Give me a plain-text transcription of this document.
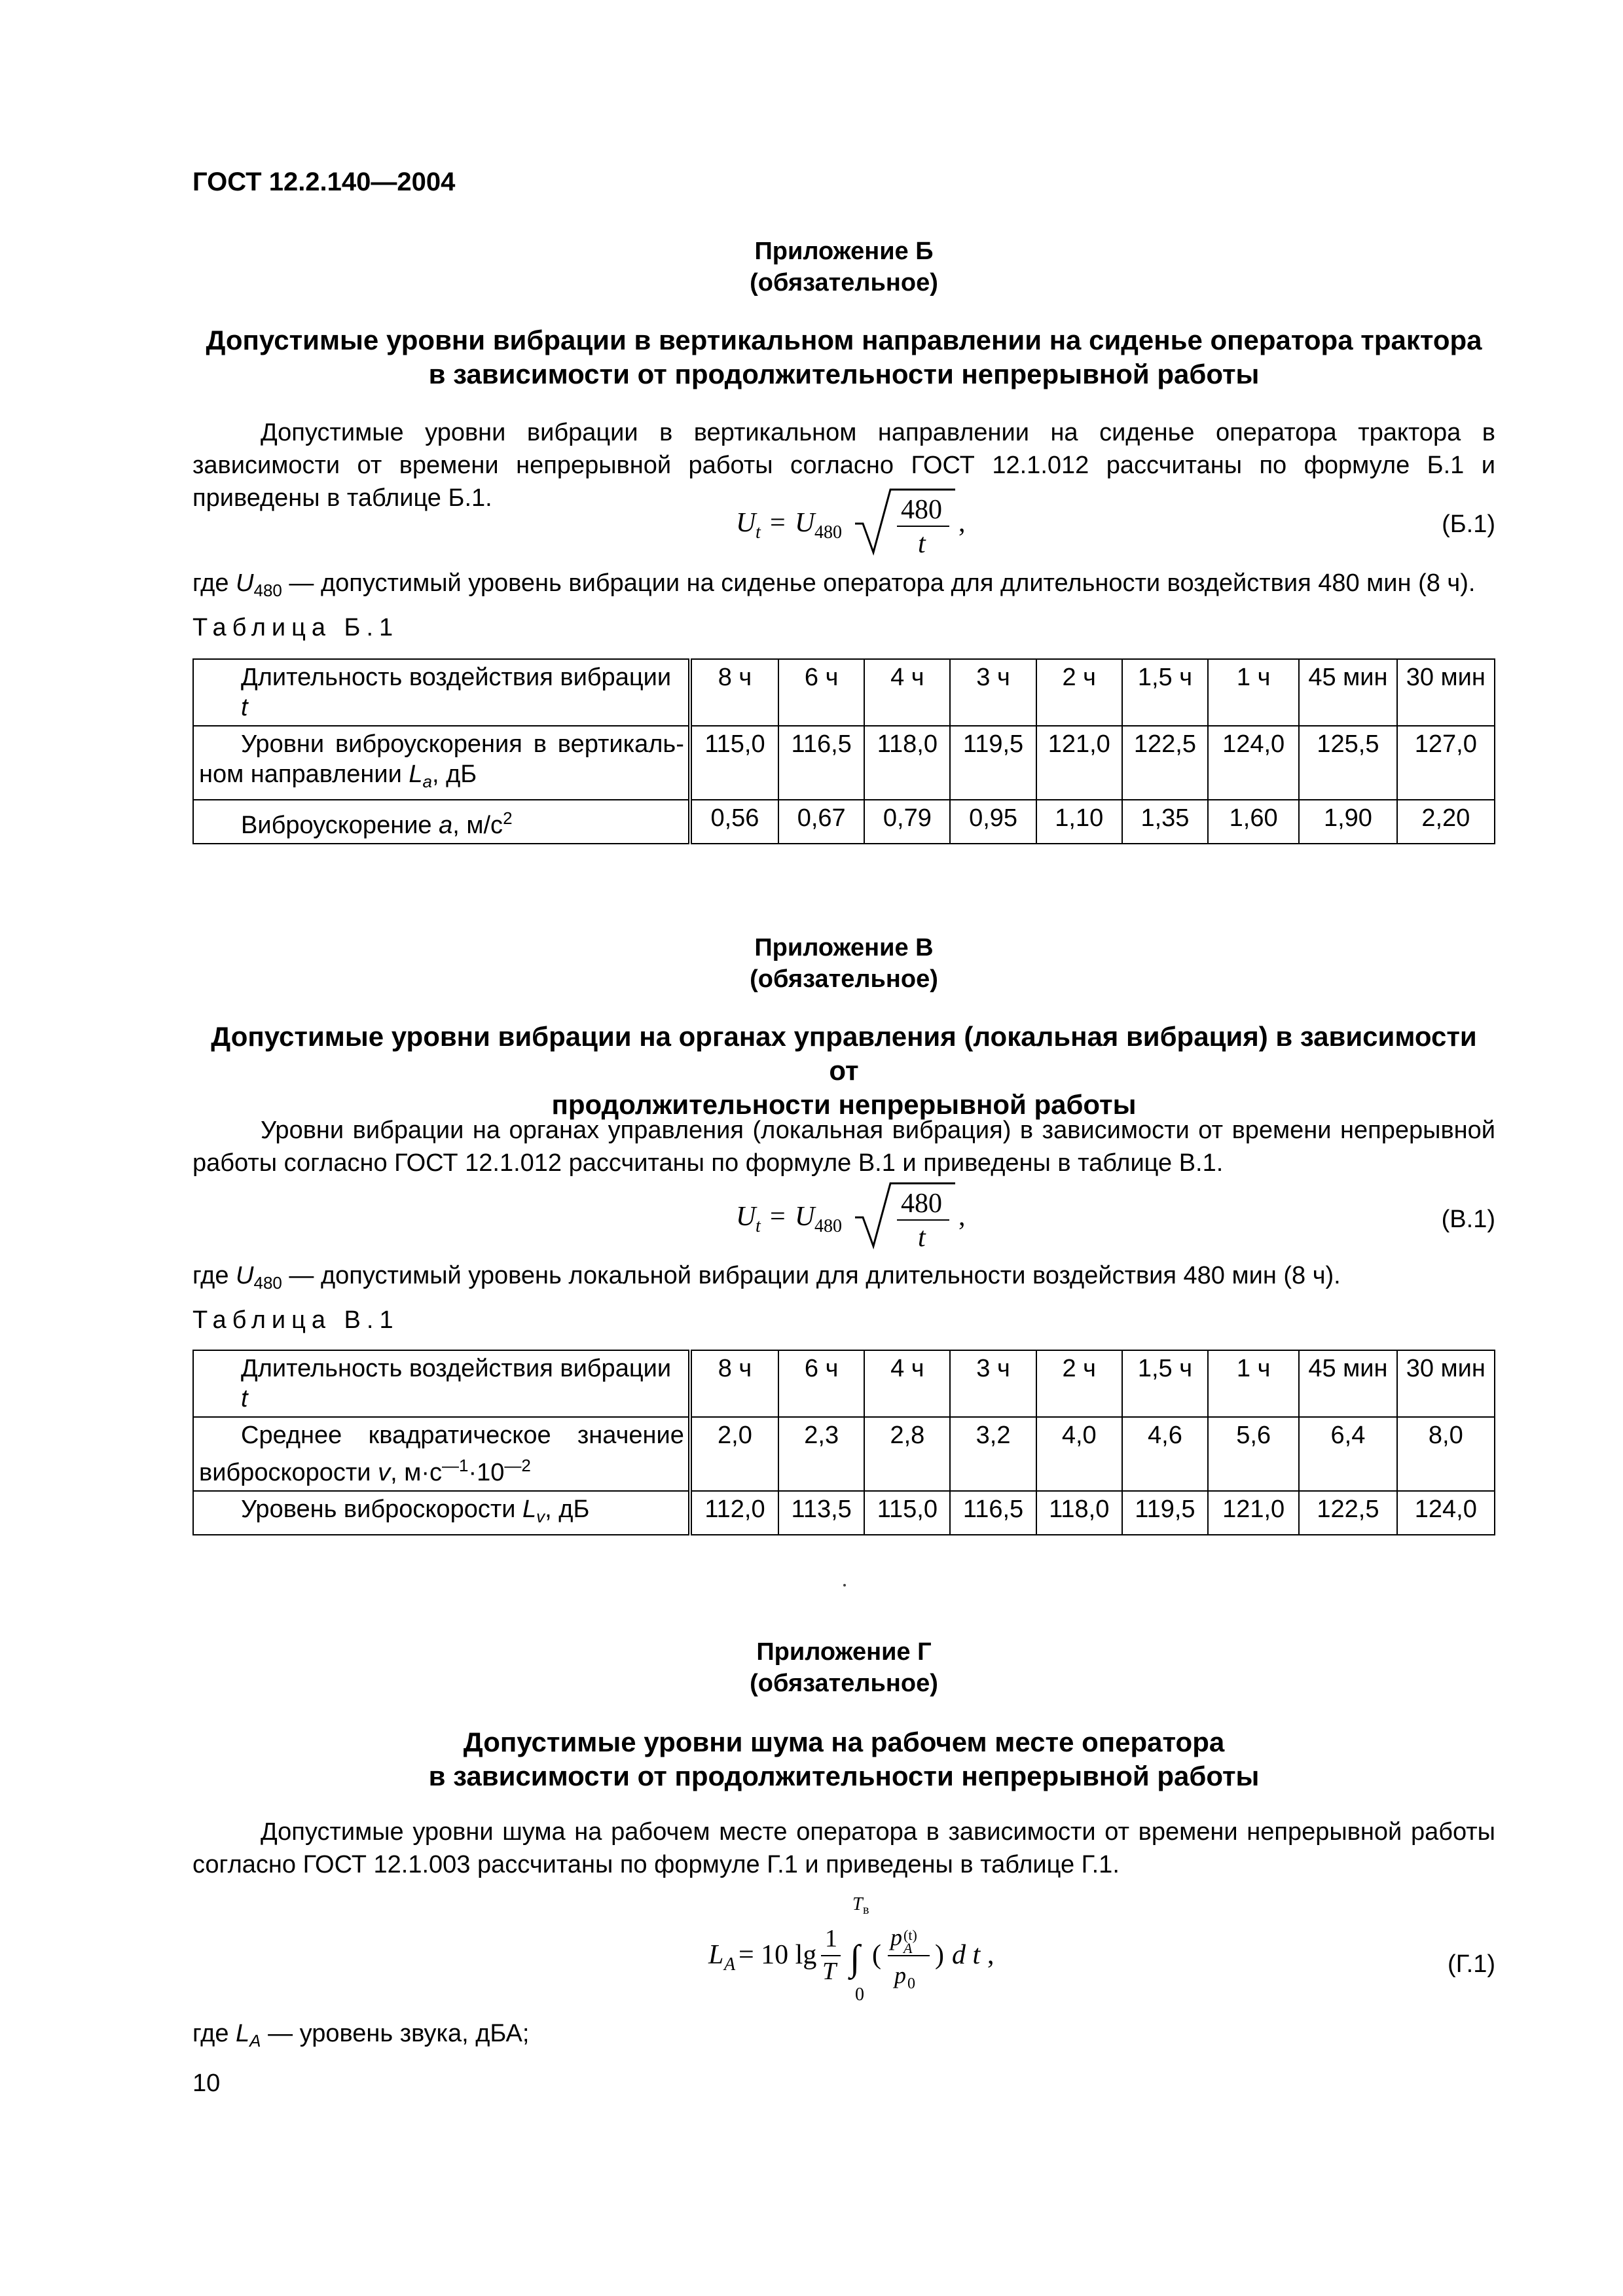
ГОСТ 12.2.140—2004
Приложение Б
(обязательное)
Допустимые уровни вибрации в вертикальном направлении на сиденье оператора трактора
в зависимости от продолжительности непрерывной работы
Допустимые уровни вибрации в вертикальном направлении на сиденье оператора трактора в зависимости от времени непрерывной работы согласно ГОСТ 12.1.012 рассчитаны по формуле Б.1 и приведены в таблице Б.1.
U t = U 480
480
t
,	(Б.1)
где $U_{480}$ — допустимый уровень вибрации на сиденье оператора для длительности воздействия 480 мин (8 ч).
Таблица Б.1
Длительность воздействия вибрации t	8 ч	6 ч	4 ч	3 ч	2 ч	1,5 ч	1 ч	45 мин	30 мин
Уровни виброускорения в вертикаль-ном направлении $L_a$, дБ	115,0	116,5	118,0	119,5	121,0	122,5	124,0	125,5	127,0
Виброускорение a, $м/с^2$	0,56	0,67	0,79	0,95	1,10	1,35	1,60	1,90	2,20
Приложение В
(обязательное)
Допустимые уровни вибрации на органах управления (локальная вибрация) в зависимости от
продолжительности непрерывной работы
Уровни вибрации на органах управления (локальная вибрация) в зависимости от времени непрерывной работы согласно ГОСТ 12.1.012 рассчитаны по формуле В.1 и приведены в таблице В.1.
U t = U 480
480
t
,	(В.1)
где $U_{480}$ — допустимый уровень локальной вибрации для длительности воздействия 480 мин (8 ч).
Таблица В.1
Длительность воздействия вибрации t	8 ч	6 ч	4 ч	3 ч	2 ч	1,5 ч	1 ч	45 мин	30 мин
Среднее квадратическое значение виброскорости v, $м\cdot с^{—1}\cdot 10^{—2}$	2,0	2,3	2,8	3,2	4,0	4,6	5,6	6,4	8,0
Уровень виброскорости $L_v$, дБ	112,0	113,5	115,0	116,5	118,0	119,5	121,0	122,5	124,0
Приложение Г
(обязательное)
Допустимые уровни шума на рабочем месте оператора
в зависимости от продолжительности непрерывной работы
Допустимые уровни шума на рабочем месте оператора в зависимости от времени непрерывной работы согласно ГОСТ 12.1.003 рассчитаны по формуле Г.1 и приведены в таблице Г.1.
L A = 10 lg
1
T
T в
∫
0
(
p (t)
A
p 0
) d t ,	(Г.1)
где $L_A$ — уровень звука, дБА;
10
